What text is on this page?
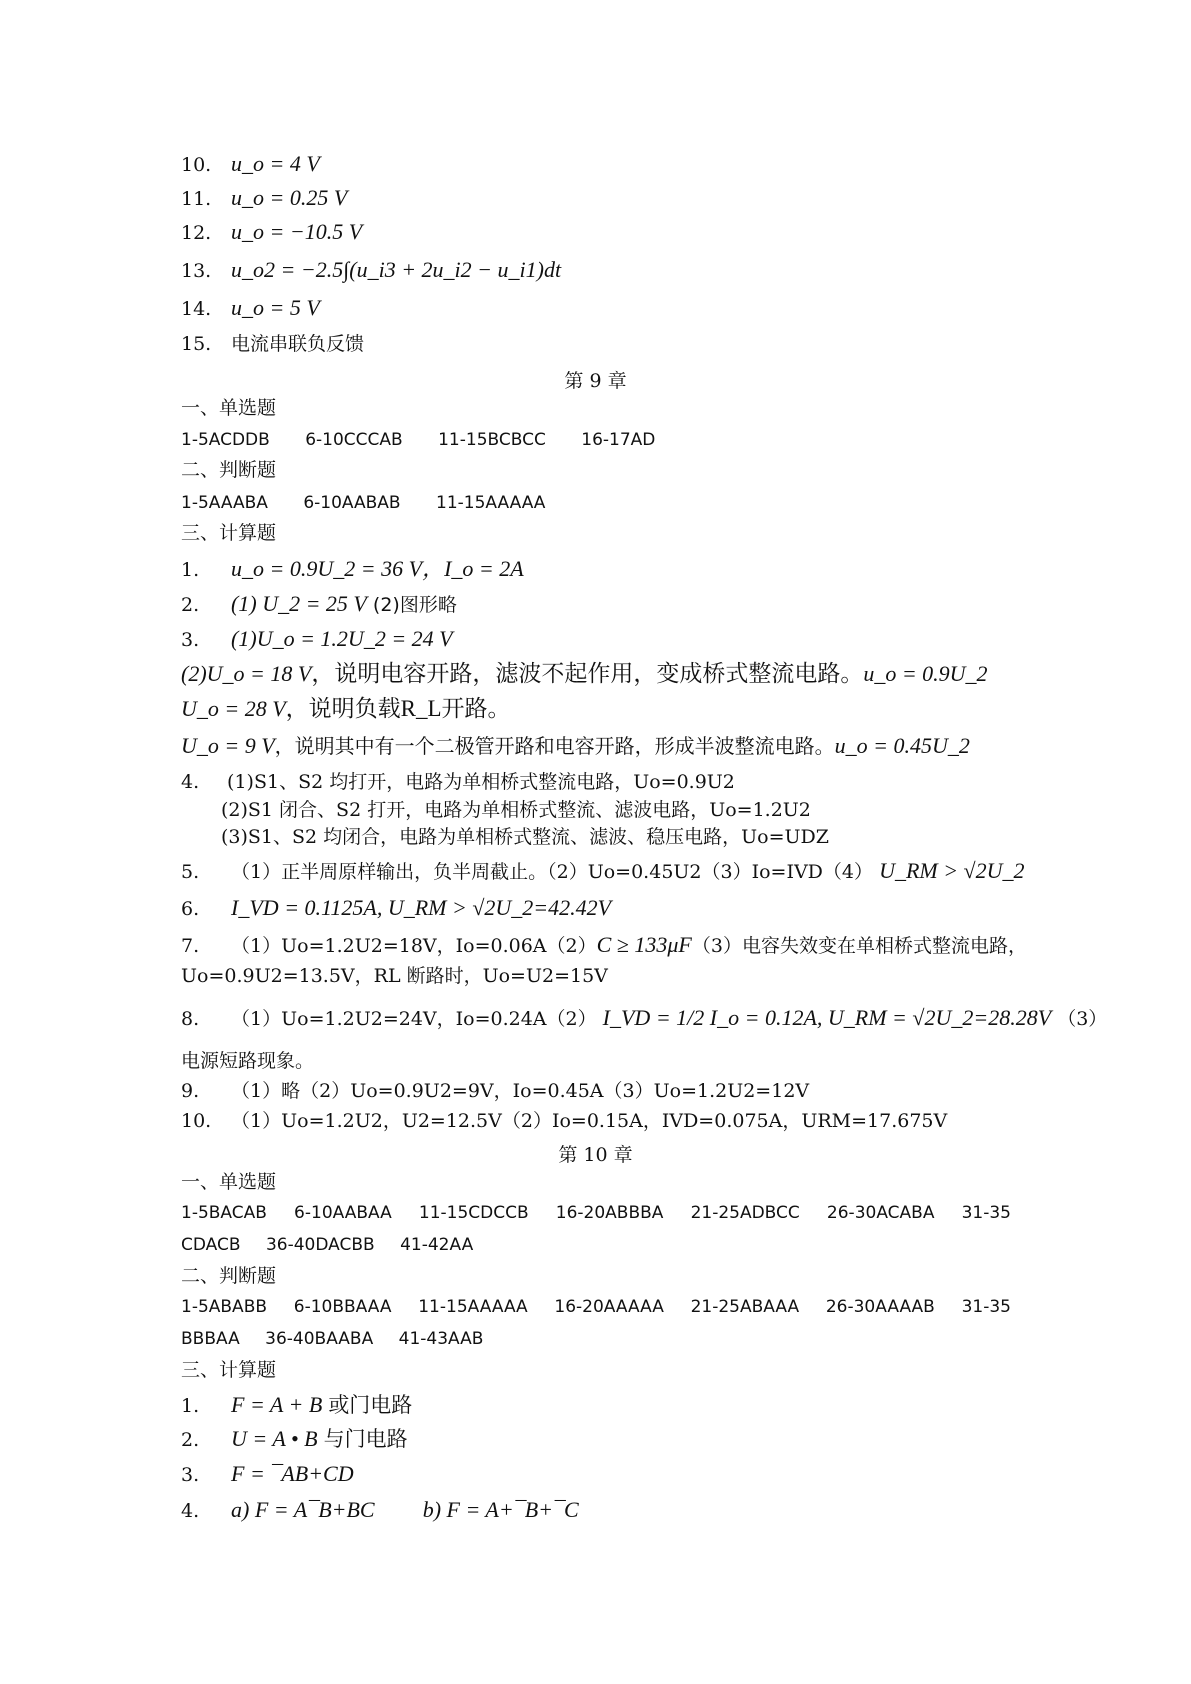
10. u_o = 4 V
11. u_o = 0.25 V
12. u_o = −10.5 V
13. u_o2 = −2.5∫(u_i3 + 2u_i2 − u_i1)dt
14. u_o = 5 V
15. 电流串联负反馈
第 9 章
一、单选题
1-5ACDDB 6-10CCCAB 11-15BCBCC 16-17AD
二、判断题
1-5AAABA 6-10AABAB 11-15AAAAA
三、计算题
1. u_o = 0.9U_2 = 36 V，I_o = 2A
2. (1) U_2 = 25 V (2)图形略
3. (1)U_o = 1.2U_2 = 24 V
(2)U_o = 18 V，说明电容开路，滤波不起作用，变成桥式整流电路。u_o = 0.9U_2
U_o = 28 V，说明负载R_L开路。
U_o = 9 V，说明其中有一个二极管开路和电容开路，形成半波整流电路。u_o = 0.45U_2
4. (1)S1、S2 均打开，电路为单相桥式整流电路，Uo=0.9U2
(2)S1 闭合、S2 打开，电路为单相桥式整流、滤波电路，Uo=1.2U2
(3)S1、S2 均闭合，电路为单相桥式整流、滤波、稳压电路，Uo=UDZ
5. （1）正半周原样输出，负半周截止。（2）Uo=0.45U2（3）Io=IVD（4） U_RM > √2U_2
6. I_VD = 0.1125A, U_RM > √2U_2=42.42V
7. （1）Uo=1.2U2=18V，Io=0.06A（2）C ≥ 133μF（3）电容失效变在单相桥式整流电路，
Uo=0.9U2=13.5V，RL 断路时，Uo=U2=15V
8. （1）Uo=1.2U2=24V，Io=0.24A（2） I_VD = 1/2 I_o = 0.12A, U_RM = √2U_2=28.28V （3）
电源短路现象。
9. （1）略（2）Uo=0.9U2=9V，Io=0.45A（3）Uo=1.2U2=12V
10. （1）Uo=1.2U2，U2=12.5V（2）Io=0.15A，IVD=0.075A，URM=17.675V
第 10 章
一、单选题
1-5BACAB 6-10AABAA 11-15CDCCB 16-20ABBBA 21-25ADBCC 26-30ACABA 31-35
CDACB 36-40DACBB 41-42AA
二、判断题
1-5ABABB 6-10BBAAA 11-15AAAAA 16-20AAAAA 21-25ABAAA 26-30AAAAB 31-35
BBBAA 36-40BAABA 41-43AAB
三、计算题
1. F = A + B 或门电路
2. U = A • B 与门电路
3. F = ¯AB+CD
4. a) F = A¯B+BC b) F = A+¯B+¯C
